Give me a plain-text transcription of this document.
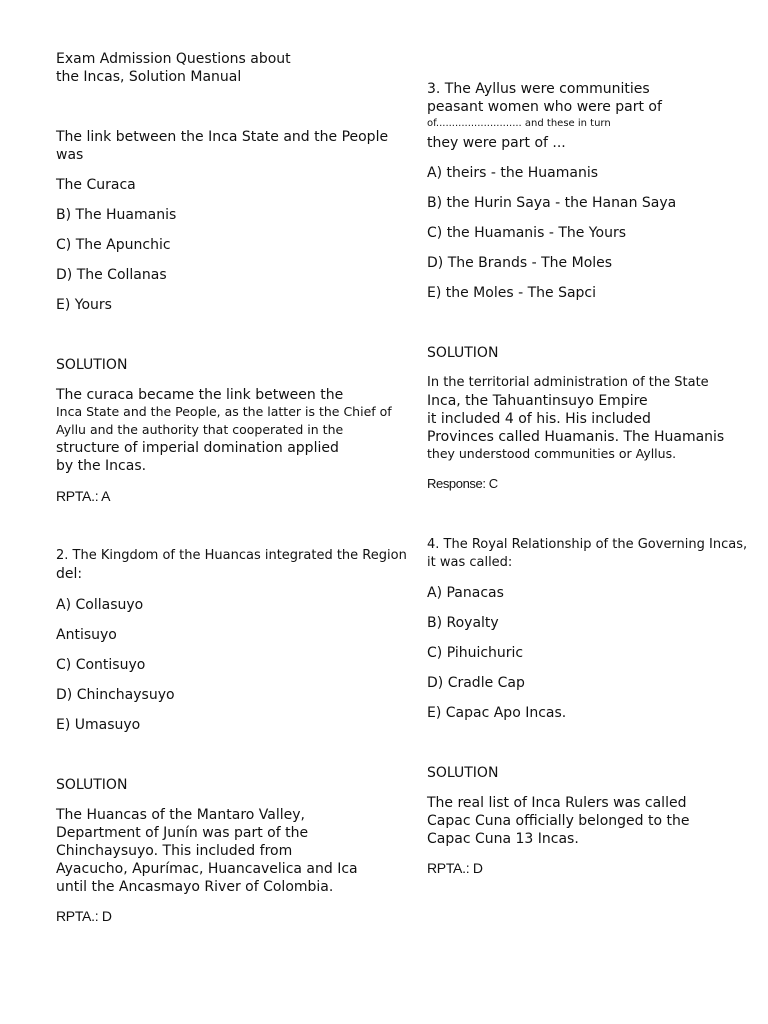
Exam Admission Questions about

the Incas, Solution Manual

The link between the Inca State and the People

was

The Curaca

B) The Huamanis

C) The Apunchic

D) The Collanas

E) Yours

SOLUTION

The curaca became the link between the

Inca State and the People, as the latter is the Chief of

Ayllu and the authority that cooperated in the

structure of imperial domination applied

by the Incas.

RPTA.: A

2. The Kingdom of the Huancas integrated the Region

del:

A) Collasuyo

Antisuyo

C) Contisuyo

D) Chinchaysuyo

E) Umasuyo

SOLUTION

The Huancas of the Mantaro Valley,

Department of Junín was part of the

Chinchaysuyo. This included from

Ayacucho, Apurímac, Huancavelica and Ica

until the Ancasmayo River of Colombia.

RPTA.: D

3. The Ayllus were communities

peasant women who were part of

of........................... and these in turn

they were part of ...

A) theirs - the Huamanis

B) the Hurin Saya - the Hanan Saya

C) the Huamanis - The Yours

D) The Brands - The Moles

E) the Moles - The Sapci

SOLUTION

In the territorial administration of the State

Inca, the Tahuantinsuyo Empire

it included 4 of his. His included

Provinces called Huamanis. The Huamanis

they understood communities or Ayllus.

Response: C

4. The Royal Relationship of the Governing Incas,

it was called:

A) Panacas

B) Royalty

C) Pihuichuric

D) Cradle Cap

E) Capac Apo Incas.

SOLUTION

The real list of Inca Rulers was called

Capac Cuna officially belonged to the

Capac Cuna 13 Incas.

RPTA.: D
